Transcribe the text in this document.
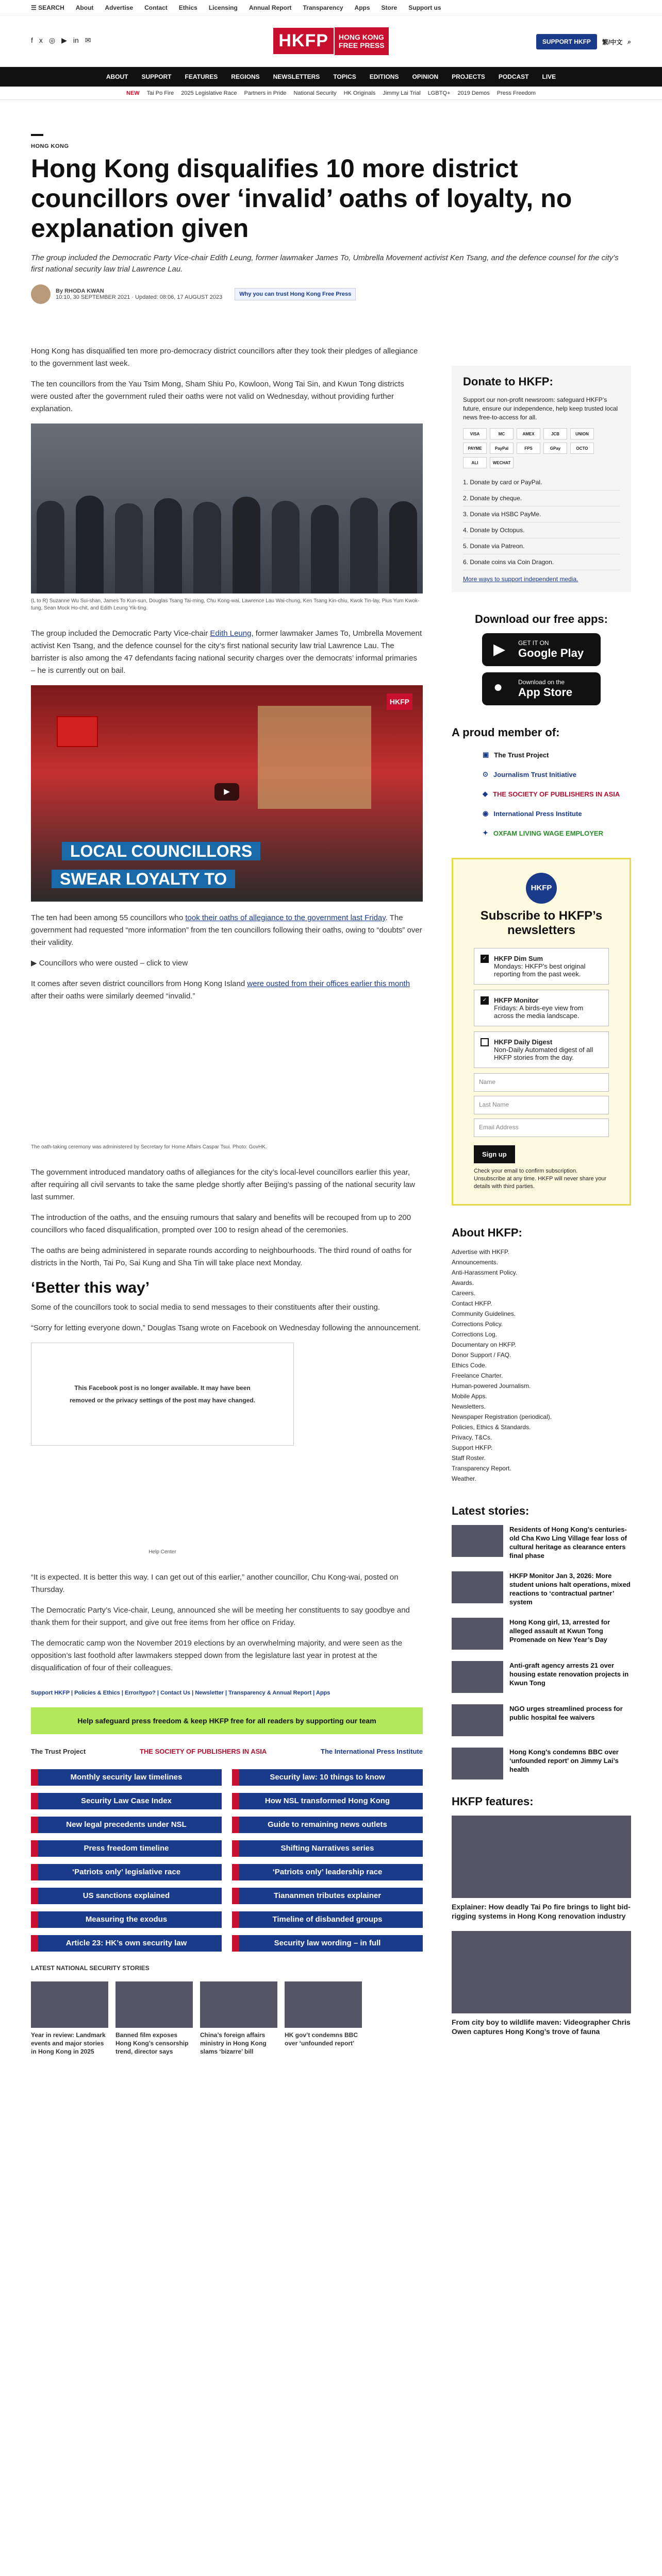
☰ SEARCH About Advertise Contact Ethics Licensing Annual Report Transparency Apps Store Support us
f x ◎ ▶ in ✉	HKFP	HONG KONG
FREE PRESS	SUPPORT HKFP	繁/中文 ⌕
ABOUT SUPPORT FEATURES REGIONS NEWSLETTERS TOPICS EDITIONS OPINION PROJECTS PODCAST LIVE
NEW Tai Po Fire 2025 Legislative Race Partners in Pride National Security HK Originals Jimmy Lai Trial LGBTQ+ 2019 Demos Press Freedom
HONG KONG
Hong Kong disqualifies 10 more district councillors over ‘invalid’ oaths of loyalty, no explanation given

The group included the Democratic Party Vice-chair Edith Leung, former lawmaker James To, Umbrella Movement activist Ken Tsang, and the defence counsel for the city’s first national security law trial Lawrence Lau.

By RHODA KWAN
10:10, 30 SEPTEMBER 2021 · Updated: 08:06, 17 AUGUST 2023	Why you can trust Hong Kong Free Press

Hong Kong has disqualified ten more pro-democracy district councillors after they took their pledges of allegiance to the government last week.

The ten councillors from the Yau Tsim Mong, Sham Shiu Po, Kowloon, Wong Tai Sin, and Kwun Tong districts were ousted after the government ruled their oaths were not valid on Wednesday, without providing further explanation.

(L to R) Suzanne Wu Sui-shan, James To Kun-sun, Douglas Tsang Tai-ming, Chu Kong-wai, Lawrence Lau Wai-chung, Ken Tsang Kin-chiu, Kwok Tin-lay, Pius Yum Kwok-tung, Sean Mock Ho-chit, and Edith Leung Yik-ting.

The group included the Democratic Party Vice-chair Edith Leung, former lawmaker James To, Umbrella Movement activist Ken Tsang, and the defence counsel for the city’s first national security law trial Lawrence Lau. The barrister is also among the 47 defendants facing national security charges over the democrats’ informal primaries – he is currently out on bail.

HKFP
▶
LOCAL COUNCILLORS
SWEAR LOYALTY TO

The ten had been among 55 councillors who took their oaths of allegiance to the government last Friday. The government had requested “more information” from the ten councillors following their oaths, owing to “doubts” over their validity.

▶ Councillors who were ousted – click to view

It comes after seven district councillors from Hong Kong Island were ousted from their offices earlier this month after their oaths were similarly deemed “invalid.”

The oath-taking ceremony was administered by Secretary for Home Affairs Caspar Tsui. Photo: GovHK.

The government introduced mandatory oaths of allegiances for the city’s local-level councillors earlier this year, after requiring all civil servants to take the same pledge shortly after Beijing’s passing of the national security law last summer.

The introduction of the oaths, and the ensuing rumours that salary and benefits will be recouped from up to 200 councillors who faced disqualification, prompted over 100 to resign ahead of the ceremonies.

The oaths are being administered in separate rounds according to neighbourhoods. The third round of oaths for districts in the North, Tai Po, Sai Kung and Sha Tin will take place next Monday.

‘Better this way’

Some of the councillors took to social media to send messages to their constituents after their ousting.

“Sorry for letting everyone down,” Douglas Tsang wrote on Facebook on Wednesday following the announcement.

This Facebook post is no longer available. It may have been removed or the privacy settings of the post may have changed.

Help Center

“It is expected. It is better this way. I can get out of this earlier,” another councillor, Chu Kong-wai, posted on Thursday.

The Democratic Party’s Vice-chair, Leung, announced she will be meeting her constituents to say goodbye and thank them for their support, and give out free items from her office on Friday.

The democratic camp won the November 2019 elections by an overwhelming majority, and were seen as the opposition’s last foothold after lawmakers stepped down from the legislature last year in protest at the disqualification of four of their colleagues.

Support HKFP | Policies & Ethics | Error/typo? | Contact Us | Newsletter | Transparency & Annual Report | Apps

Help safeguard press freedom & keep HKFP free for all readers by supporting our team
The Trust Project	THE SOCIETY OF PUBLISHERS IN ASIA	The International Press Institute
Monthly security law timelines	Security law: 10 things to know
Security Law Case Index	How NSL transformed Hong Kong
New legal precedents under NSL	Guide to remaining news outlets
Press freedom timeline	Shifting Narratives series
‘Patriots only’ legislative race	‘Patriots only’ leadership race
US sanctions explained	Tiananmen tributes explainer
Measuring the exodus	Timeline of disbanded groups
Article 23: HK’s own security law	Security law wording – in full
LATEST NATIONAL SECURITY STORIES
Year in review: Landmark events and major stories in Hong Kong in 2025
Banned film exposes Hong Kong’s censorship trend, director says
China’s foreign affairs ministry in Hong Kong slams ‘bizarre’ bill
HK gov’t condemns BBC over ‘unfounded report’
Donate to HKFP:

Support our non-profit newsroom: safeguard HKFP’s future, ensure our independence, help keep trusted local news free-to-access for all.

VISA	MC	AMEX	JCB	UNION
PAYME	PayPal	FPS	GPay	OCTO
ALI	WECHAT
1. Donate by card or PayPal.
2. Donate by cheque.
3. Donate via HSBC PayMe.
4. Donate by Octopus.
5. Donate via Patreon.
6. Donate coins via Coin Dragon.

More ways to support independent media.

Download our free apps:
▶ GET IT ON
Google Play
● Download on the
App Store
A proud member of:
▣ The Trust Project
⊙ Journalism Trust Initiative
◆ THE SOCIETY OF PUBLISHERS IN ASIA
◉ International Press Institute
✦ OXFAM LIVING WAGE EMPLOYER
HKFP
Subscribe to HKFP’s newsletters
✓ HKFP Dim Sum
Mondays: HKFP’s best original reporting from the past week.
✓ HKFP Monitor
Fridays: A birds-eye view from across the media landscape.
HKFP Daily Digest
Non-Daily Automated digest of all HKFP stories from the day.
Name
Last Name
Email Address
Sign up

Check your email to confirm subscription. Unsubscribe at any time. HKFP will never share your details with third parties.

About HKFP:
Advertise with HKFP.
Announcements.
Anti-Harassment Policy.
Awards.
Careers.
Contact HKFP.
Community Guidelines.
Corrections Policy.
Corrections Log.
Documentary on HKFP.
Donor Support / FAQ.
Ethics Code.
Freelance Charter.
Human-powered Journalism.
Mobile Apps.
Newsletters.
Newspaper Registration (periodical).
Policies, Ethics & Standards.
Privacy, T&Cs.
Support HKFP.
Staff Roster.
Transparency Report.
Weather.
Latest stories:
Residents of Hong Kong’s centuries-old Cha Kwo Ling Village fear loss of cultural heritage as clearance enters final phase
HKFP Monitor Jan 3, 2026: More student unions halt operations, mixed reactions to ‘contractual partner’ system
Hong Kong girl, 13, arrested for alleged assault at Kwun Tong Promenade on New Year’s Day
Anti-graft agency arrests 21 over housing estate renovation projects in Kwun Tong
NGO urges streamlined process for public hospital fee waivers
Hong Kong’s condemns BBC over ‘unfounded report’ on Jimmy Lai’s health
HKFP features:
Explainer: How deadly Tai Po fire brings to light bid-rigging systems in Hong Kong renovation industry
From city boy to wildlife maven: Videographer Chris Owen captures Hong Kong’s trove of fauna
